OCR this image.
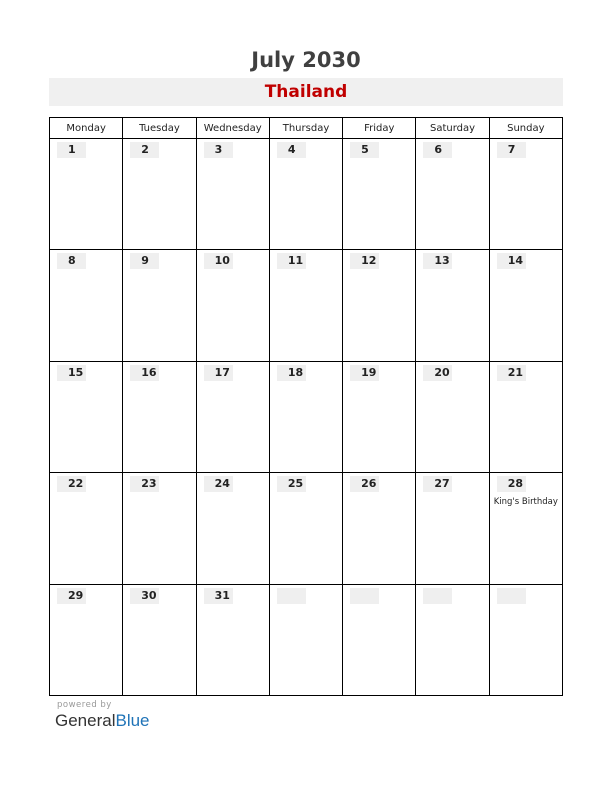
July 2030
Thailand
Monday	Tuesday	Wednesday	Thursday	Friday	Saturday	Sunday

1	2	3	4	5	6	7

8	9	10	11	12	13	14

15	16	17	18	19	20	21

22	23	24	25	26	27	28
King's Birthday

29	30	31				

powered by
GeneralBlue
